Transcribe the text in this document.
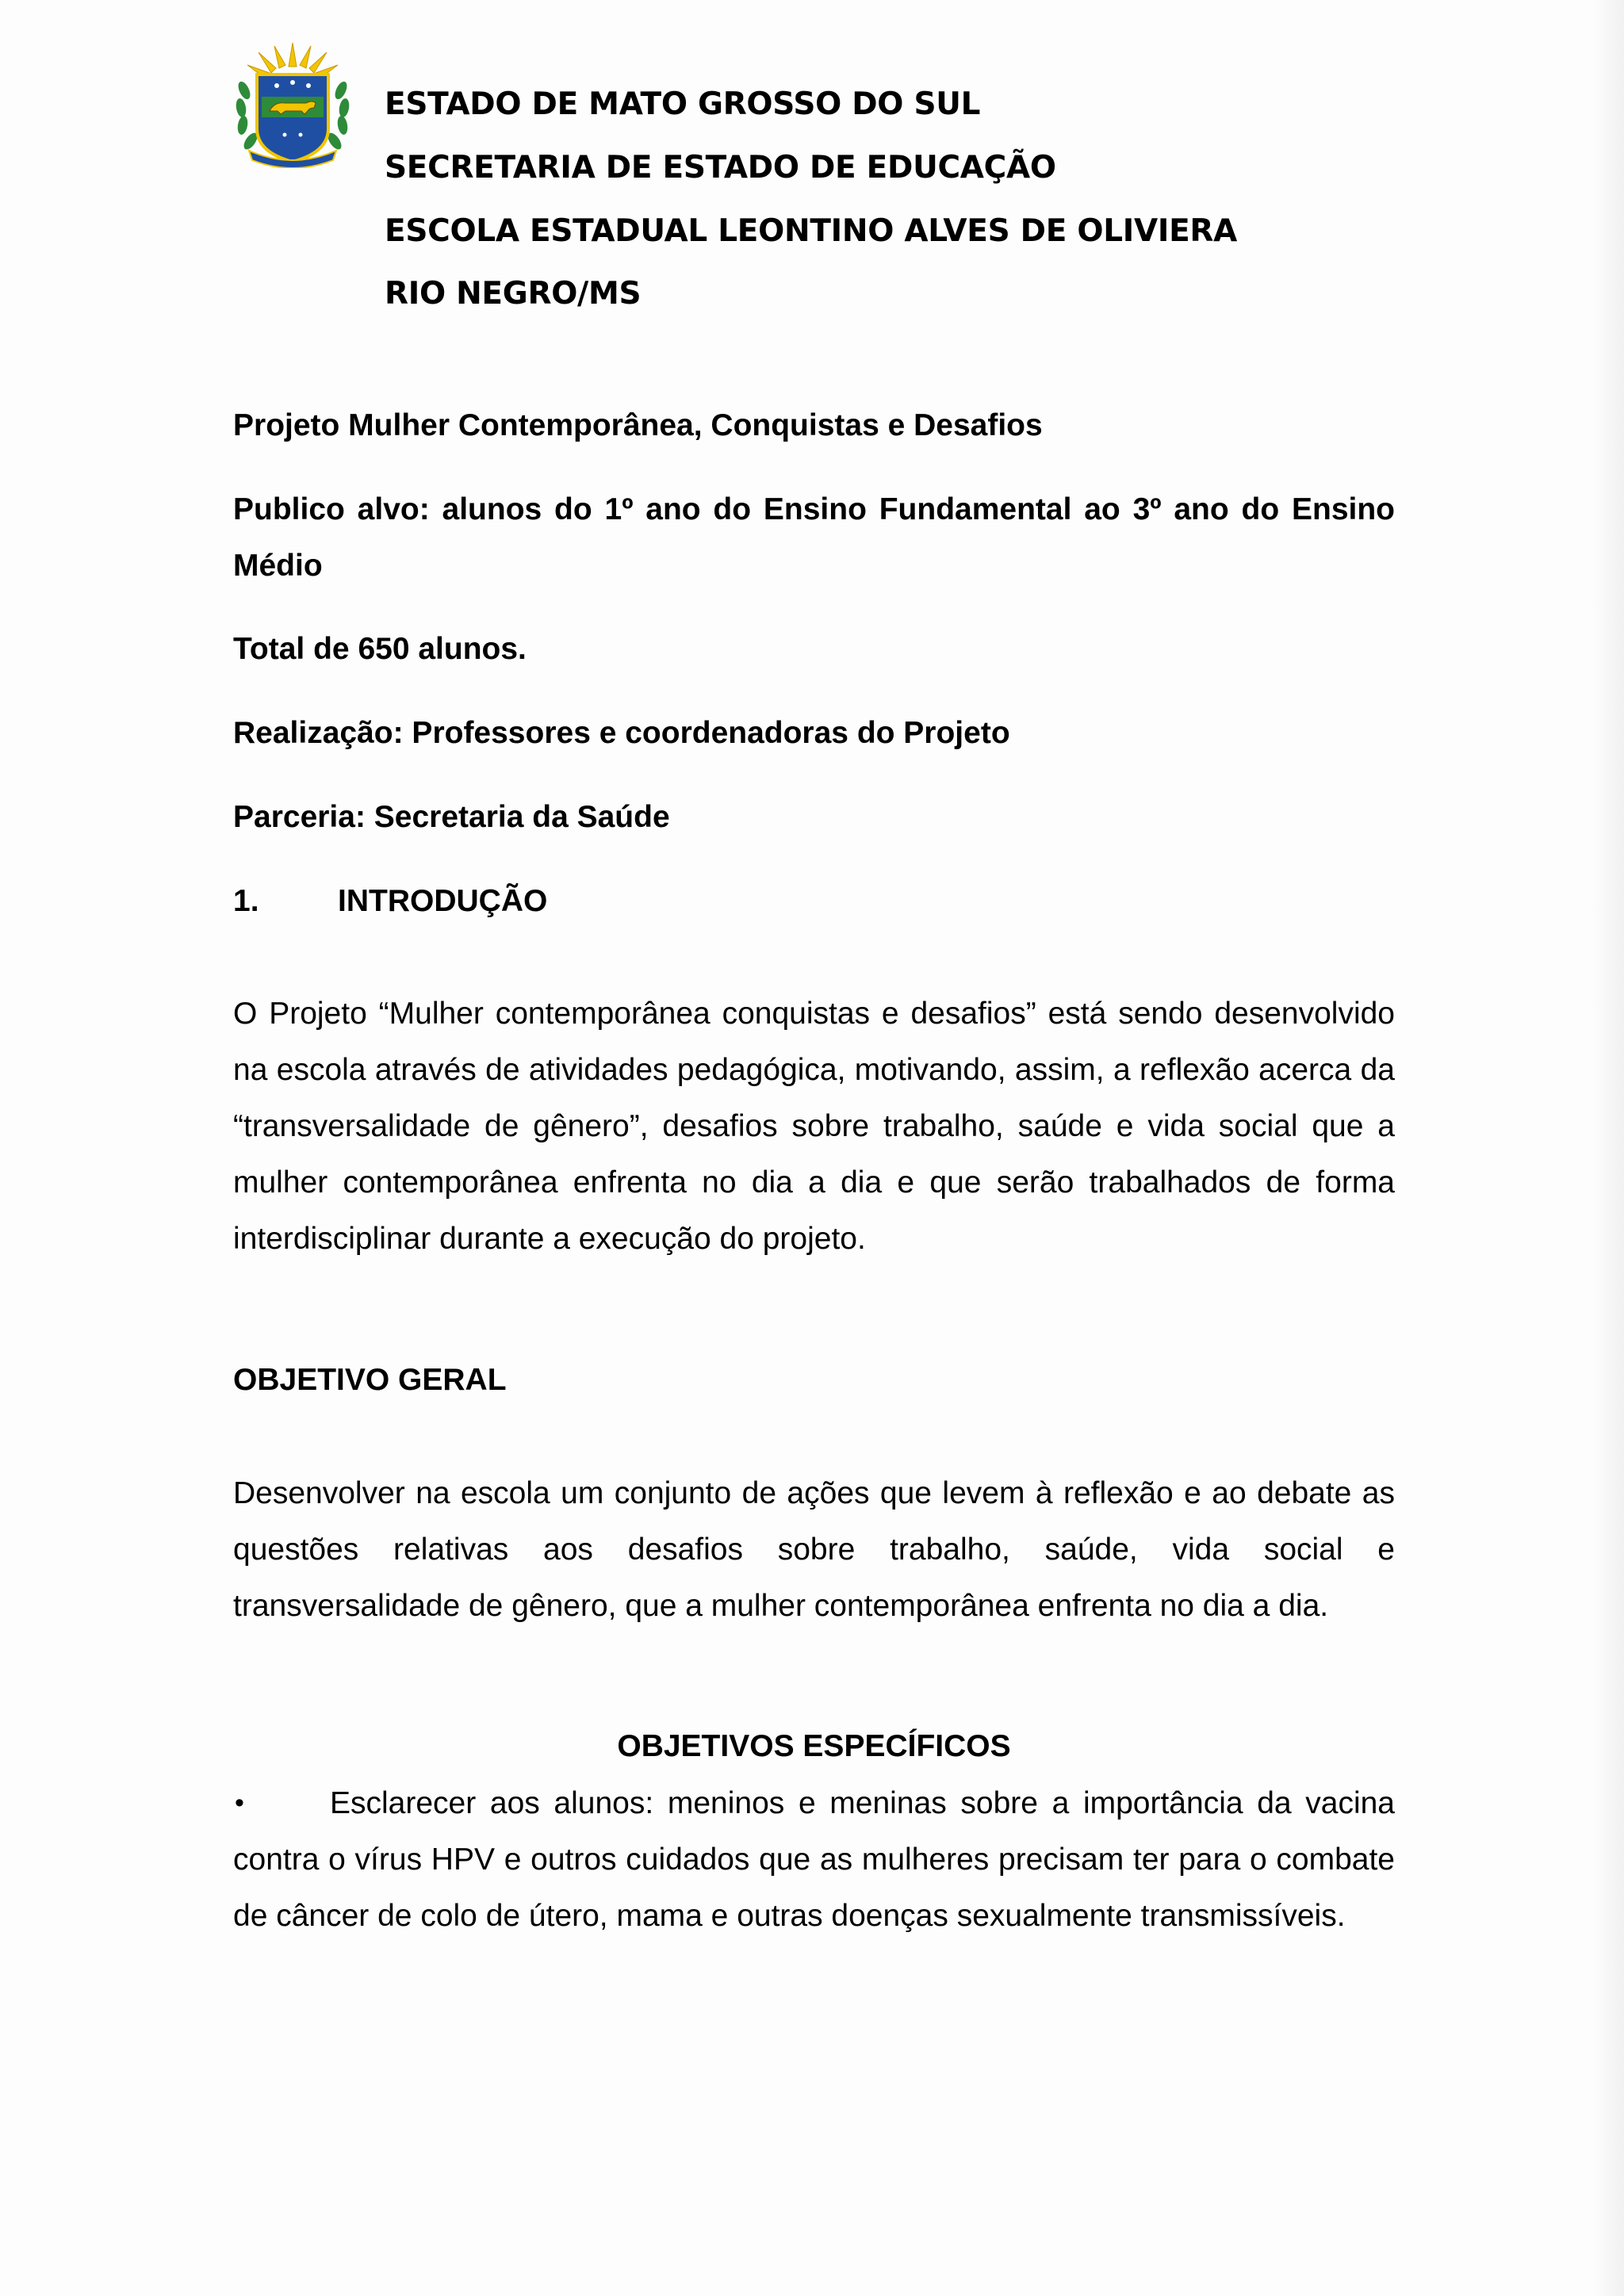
ESTADO DE MATO GROSSO DO SUL
SECRETARIA DE ESTADO DE EDUCAÇÃO
ESCOLA ESTADUAL LEONTINO ALVES DE OLIVIERA
RIO NEGRO/MS
Projeto Mulher Contemporânea, Conquistas e Desafios
Publico alvo: alunos do 1º ano do Ensino Fundamental ao 3º ano do Ensino Médio
Total de 650 alunos.
Realização: Professores e coordenadoras do Projeto
Parceria: Secretaria da Saúde
1.	INTRODUÇÃO
O Projeto “Mulher contemporânea conquistas e desafios” está sendo desenvolvido na escola através de atividades pedagógica, motivando, assim, a reflexão acerca da “transversalidade de gênero”, desafios sobre trabalho, saúde e vida social que a mulher contemporânea enfrenta no dia a dia e que serão trabalhados de forma interdisciplinar durante a execução do projeto.
OBJETIVO GERAL
Desenvolver na escola um conjunto de ações que levem à reflexão e ao debate as questões relativas aos desafios sobre trabalho, saúde, vida social e transversalidade de gênero, que a mulher contemporânea enfrenta no dia a dia.
OBJETIVOS ESPECÍFICOS
•	Esclarecer aos alunos: meninos e meninas sobre a importância da vacina contra o vírus HPV e outros cuidados que as mulheres precisam ter para o combate de câncer de colo de útero, mama e outras doenças sexualmente transmissíveis.
